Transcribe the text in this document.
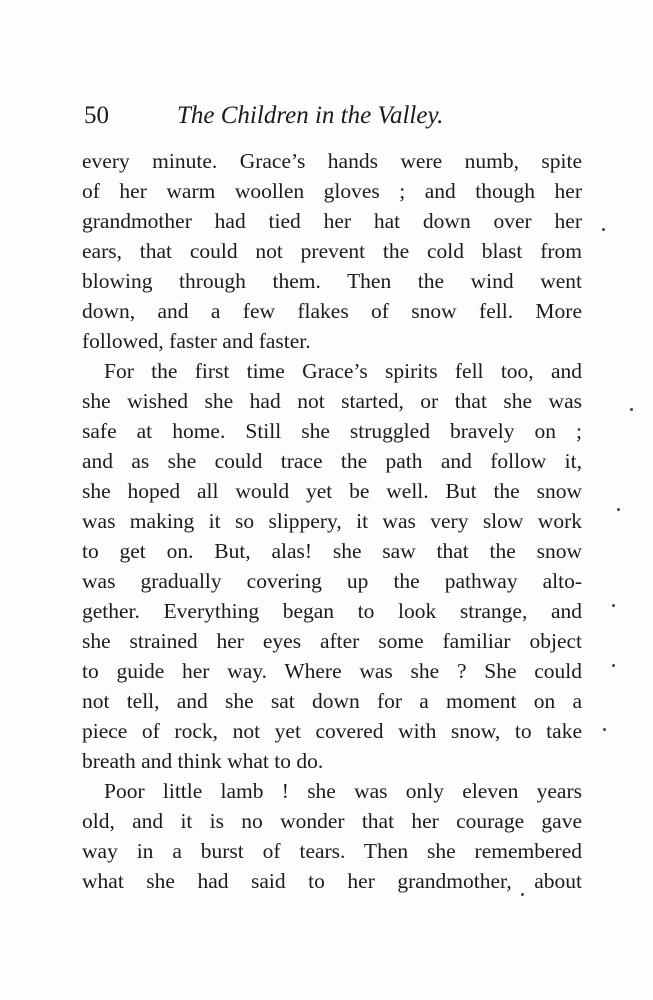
50	The Children in the Valley.
every minute. Grace’s hands were numb, spite
of her warm woollen gloves ; and though her
grandmother had tied her hat down over her
ears, that could not prevent the cold blast from
blowing through them. Then the wind went
down, and a few flakes of snow fell. More
followed, faster and faster.
For the first time Grace’s spirits fell too, and
she wished she had not started, or that she was
safe at home. Still she struggled bravely on ;
and as she could trace the path and follow it,
she hoped all would yet be well. But the snow
was making it so slippery, it was very slow work
to get on. But, alas! she saw that the snow
was gradually covering up the pathway alto-
gether. Everything began to look strange, and
she strained her eyes after some familiar object
to guide her way. Where was she ? She could
not tell, and she sat down for a moment on a
piece of rock, not yet covered with snow, to take
breath and think what to do.
Poor little lamb ! she was only eleven years
old, and it is no wonder that her courage gave
way in a burst of tears. Then she remembered
what she had said to her grandmother, about
